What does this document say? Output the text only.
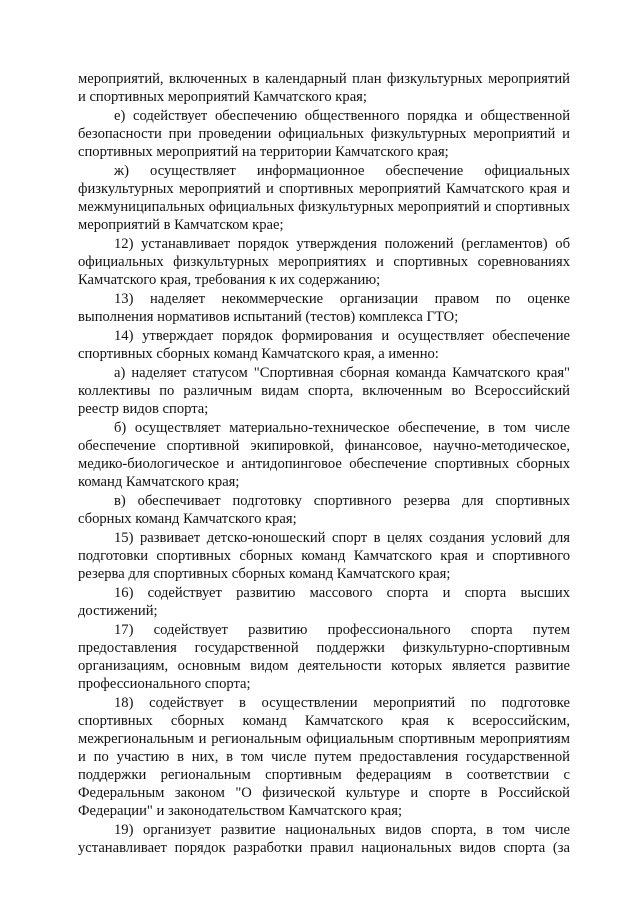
мероприятий, включенных в календарный план физкультурных мероприятий и спортивных мероприятий Камчатского края;

е) содействует обеспечению общественного порядка и общественной безопасности при проведении официальных физкультурных мероприятий и спортивных мероприятий на территории Камчатского края;

ж) осуществляет информационное обеспечение официальных физкультурных мероприятий и спортивных мероприятий Камчатского края и межмуниципальных официальных физкультурных мероприятий и спортивных мероприятий в Камчатском крае;

12) устанавливает порядок утверждения положений (регламентов) об официальных физкультурных мероприятиях и спортивных соревнованиях Камчатского края, требования к их содержанию;

13) наделяет некоммерческие организации правом по оценке выполнения нормативов испытаний (тестов) комплекса ГТО;

14) утверждает порядок формирования и осуществляет обеспечение спортивных сборных команд Камчатского края, а именно:

а) наделяет статусом "Спортивная сборная команда Камчатского края" коллективы по различным видам спорта, включенным во Всероссийский реестр видов спорта;

б) осуществляет материально-техническое обеспечение, в том числе обеспечение спортивной экипировкой, финансовое, научно-методическое, медико-биологическое и антидопинговое обеспечение спортивных сборных команд Камчатского края;

в) обеспечивает подготовку спортивного резерва для спортивных сборных команд Камчатского края;

15) развивает детско-юношеский спорт в целях создания условий для подготовки спортивных сборных команд Камчатского края и спортивного резерва для спортивных сборных команд Камчатского края;

16) содействует развитию массового спорта и спорта высших достижений;

17) содействует развитию профессионального спорта путем предоставления государственной поддержки физкультурно-спортивным организациям, основным видом деятельности которых является развитие профессионального спорта;

18) содействует в осуществлении мероприятий по подготовке спортивных сборных команд Камчатского края к всероссийским, межрегиональным и региональным официальным спортивным мероприятиям и по участию в них, в том числе путем предоставления государственной поддержки региональным спортивным федерациям в соответствии с Федеральным законом "О физической культуре и спорте в Российской Федерации" и законодательством Камчатского края;

19) организует развитие национальных видов спорта, в том числе устанавливает порядок разработки правил национальных видов спорта (за
